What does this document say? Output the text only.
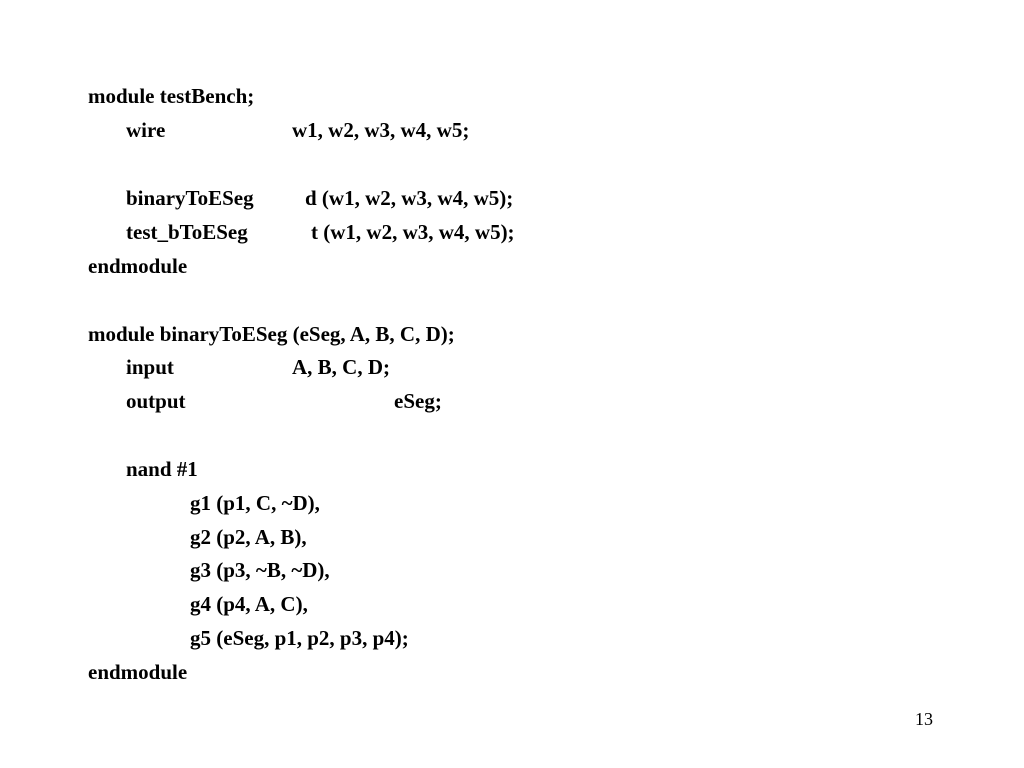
module testBench;
wire	w1, w2, w3, w4, w5;
binaryToESeg d (w1, w2, w3, w4, w5);
test_bToESeg	t (w1, w2, w3, w4, w5);
endmodule
module binaryToESeg (eSeg, A, B, C, D);
input	A, B, C, D;
output	eSeg;
nand #1
g1 (p1, C, ~D),
g2 (p2, A, B),
g3 (p3, ~B, ~D),
g4 (p4, A, C),
g5 (eSeg, p1, p2, p3, p4);
endmodule
13
